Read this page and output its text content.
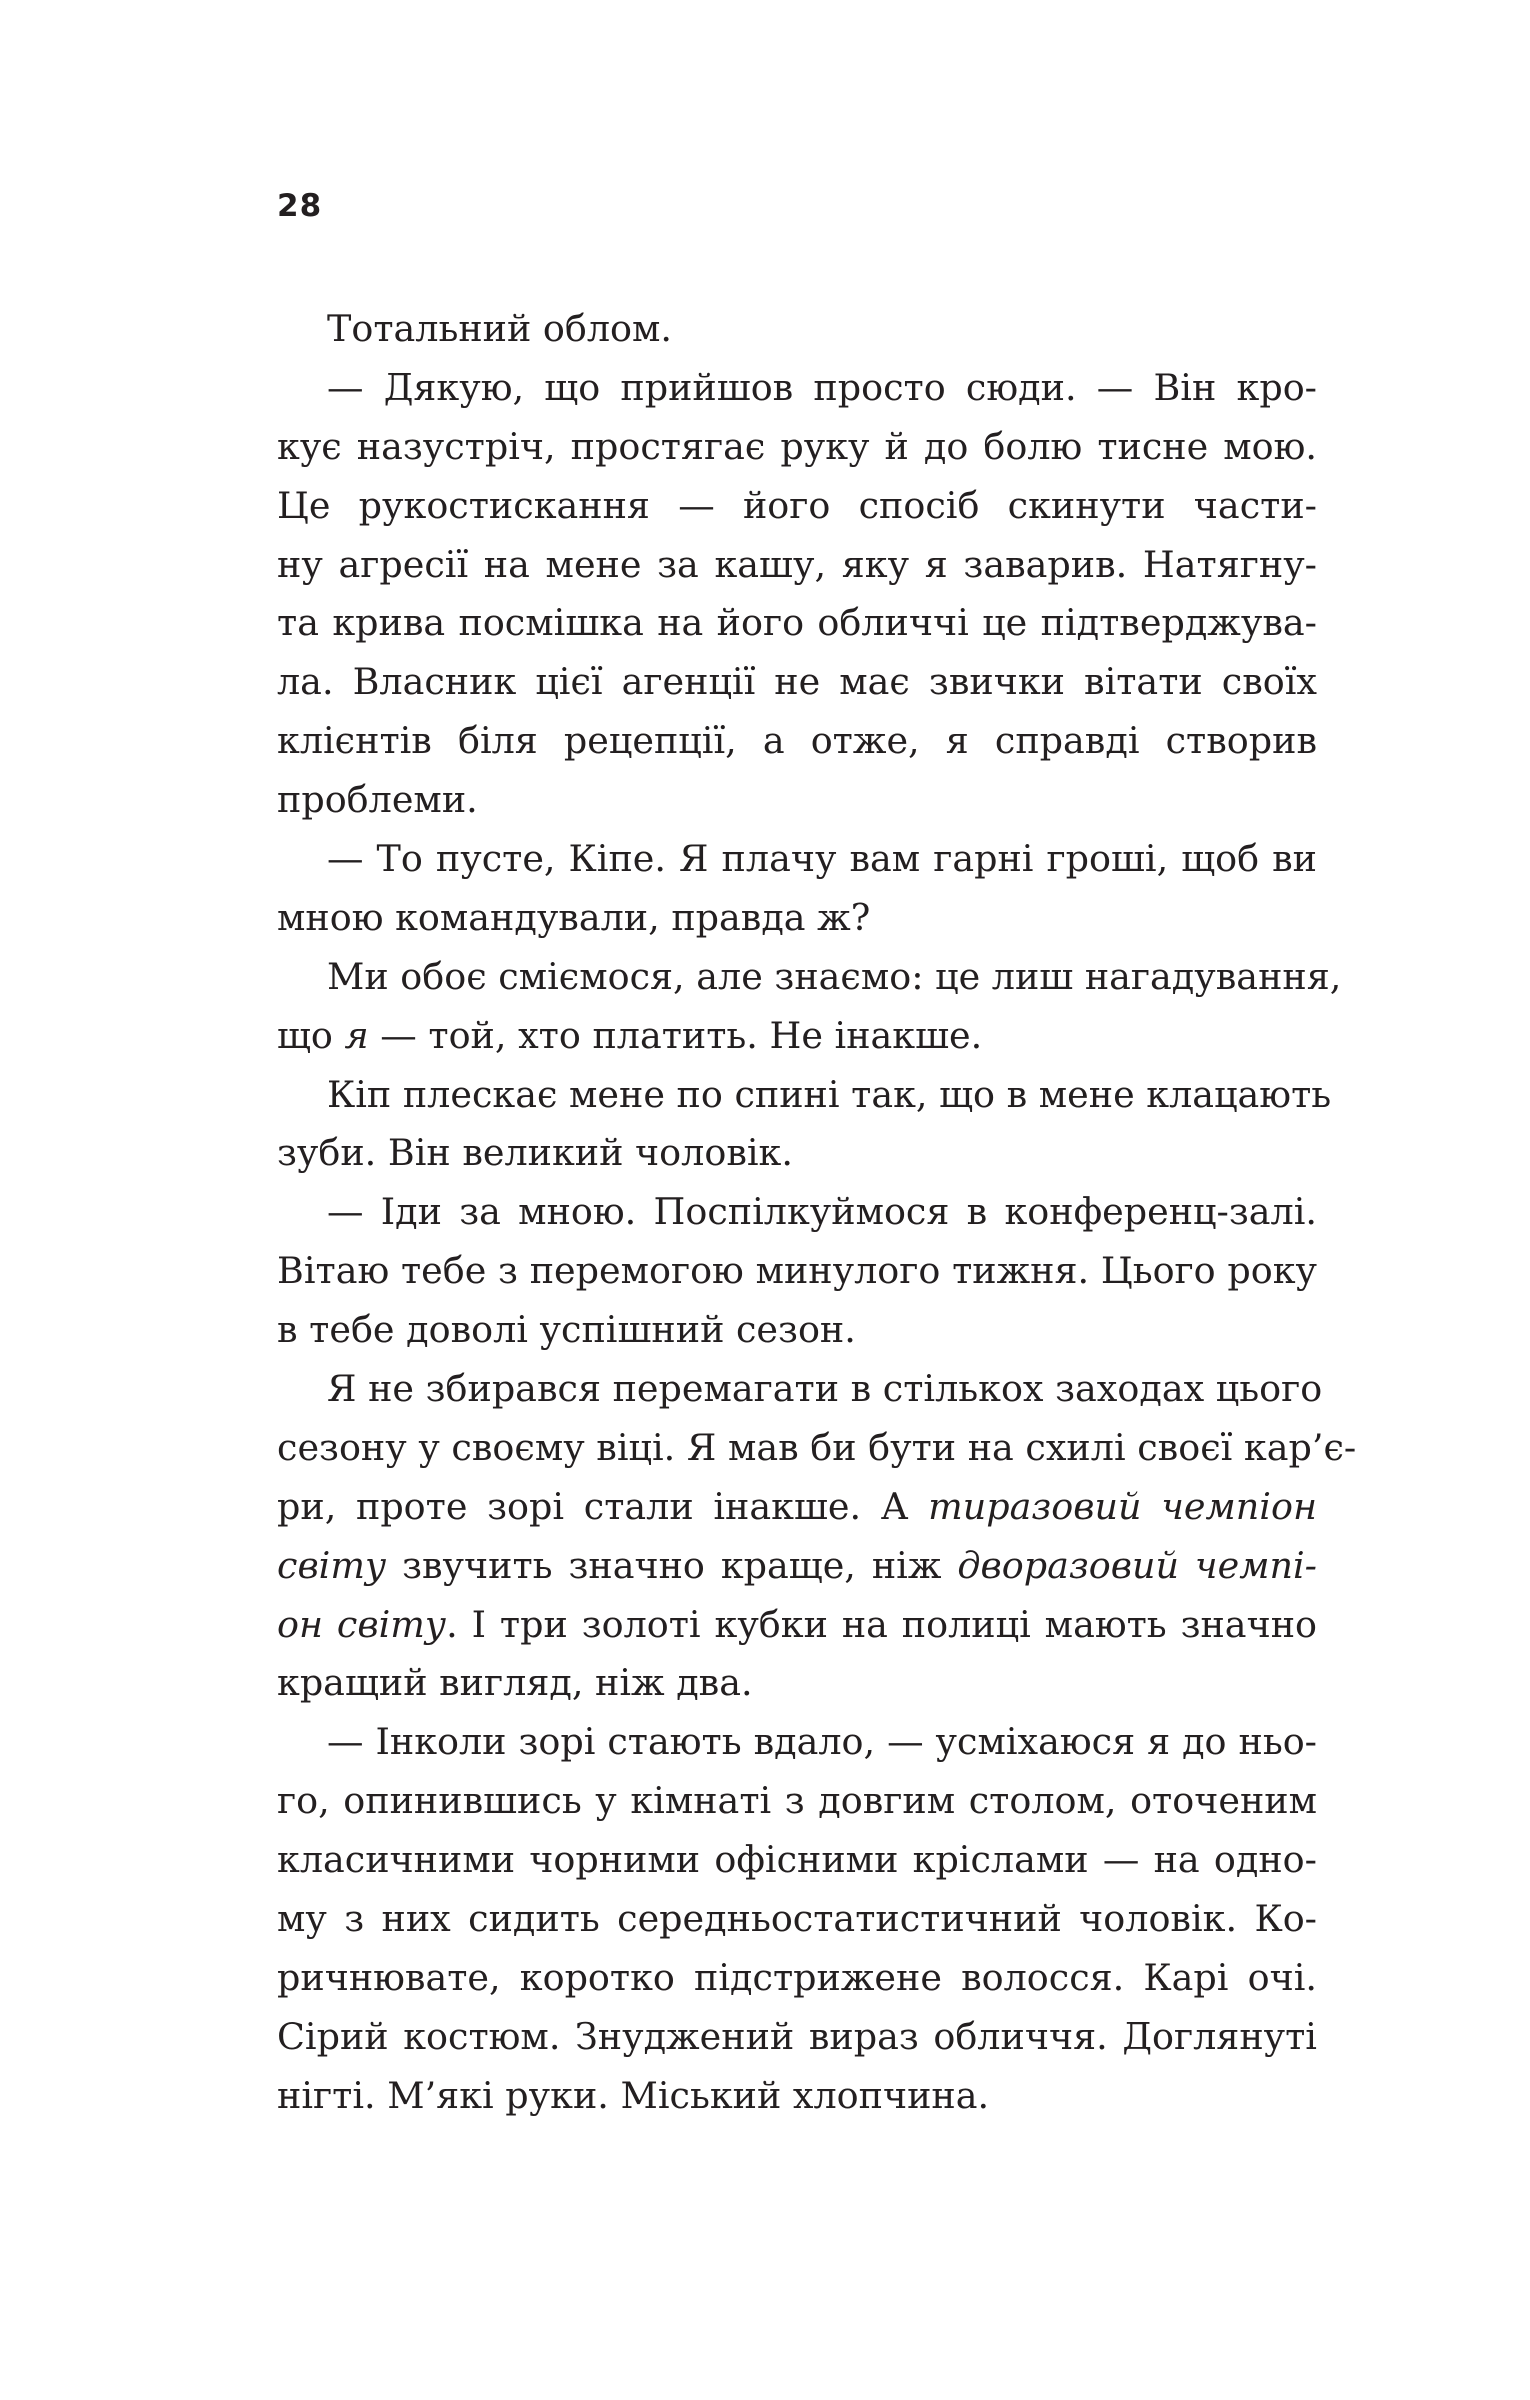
28
Тотальний облом.
— Дякую, що прийшов просто сюди. — Він кро-
кує назустріч, простягає руку й до болю тисне мою.
Це рукостискання — його спосіб скинути части-
ну агресії на мене за кашу, яку я заварив. Натягну-
та крива посмішка на його обличчі це підтверджува-
ла. Власник цієї агенції не має звички вітати своїх
клієнтів біля рецепції, а отже, я справді створив
проблеми.
— То пусте, Кіпе. Я плачу вам гарні гроші, щоб ви
мною командували, правда ж?
Ми обоє сміємося, але знаємо: це лиш нагадування,
що я — той, хто платить. Не інакше.
Кіп плескає мене по спині так, що в мене клацають
зуби. Він великий чоловік.
— Іди за мною. Поспілкуймося в конференц-залі.
Вітаю тебе з перемогою минулого тижня. Цього року
в тебе доволі успішний сезон.
Я не збирався перемагати в стількох заходах цього
сезону у своєму віці. Я мав би бути на схилі своєї кар’є-
ри, проте зорі стали інакше. А тиразовий чемпіон
світу звучить значно краще, ніж дворазовий чемпі-
он світу. І три золоті кубки на полиці мають значно
кращий вигляд, ніж два.
— Інколи зорі стають вдало, — усміхаюся я до ньо-
го, опинившись у кімнаті з довгим столом, оточеним
класичними чорними офісними кріслами — на одно-
му з них сидить середньостатистичний чоловік. Ко-
ричнювате, коротко підстрижене волосся. Карі очі.
Сірий костюм. Знуджений вираз обличчя. Доглянуті
нігті. М’які руки. Міський хлопчина.
